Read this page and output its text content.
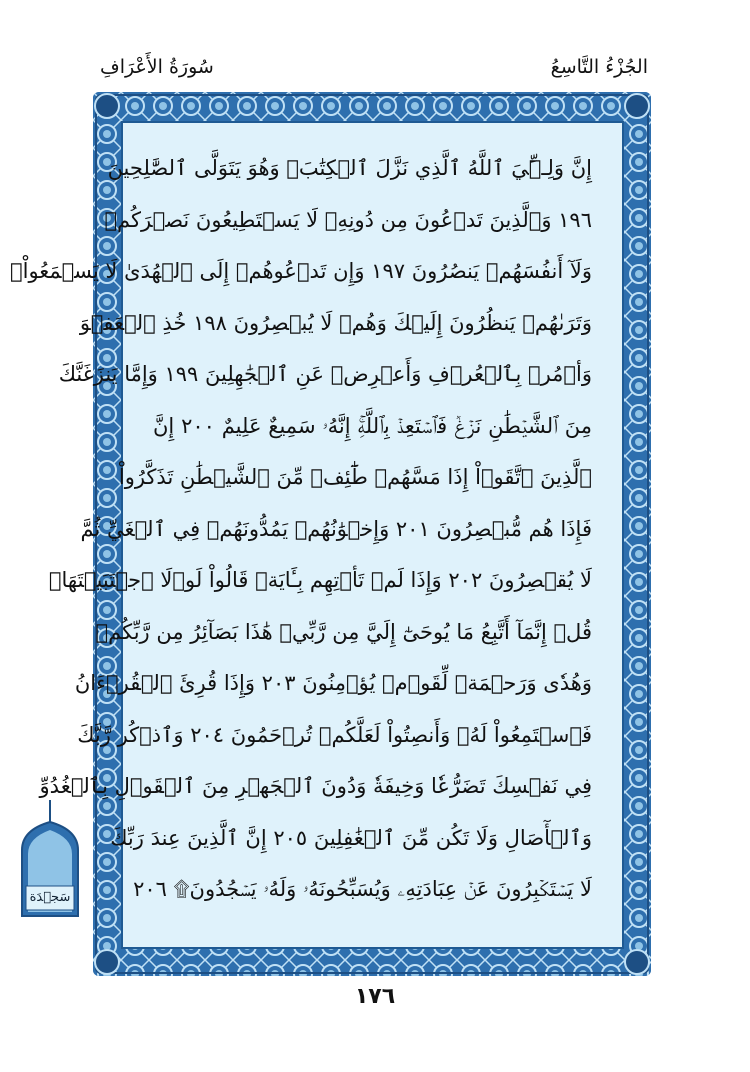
الجُزْءُ التَّاسِعُ
سُورَةُ الأَعْرَافِ
إِنَّ وَلِـِّۧيَ ٱللَّهُ ٱلَّذِي نَزَّلَ ٱلۡكِتَٰبَۖ وَهُوَ يَتَوَلَّى ٱلصَّٰلِحِينَ
١٩٦ وَٱلَّذِينَ تَدۡعُونَ مِن دُونِهِۦ لَا يَسۡتَطِيعُونَ نَصۡرَكُمۡ
وَلَآ أَنفُسَهُمۡ يَنصُرُونَ ١٩٧ وَإِن تَدۡعُوهُمۡ إِلَى ٱلۡهُدَىٰ لَا يَسۡمَعُواْۖ
وَتَرَىٰهُمۡ يَنظُرُونَ إِلَيۡكَ وَهُمۡ لَا يُبۡصِرُونَ ١٩٨ خُذِ ٱلۡعَفۡوَ
وَأۡمُرۡ بِٱلۡعُرۡفِ وَأَعۡرِضۡ عَنِ ٱلۡجَٰهِلِينَ ١٩٩ وَإِمَّا يَنزَغَنَّكَ
مِنَ ٱلشَّيۡطَٰنِ نَزۡغٞ فَٱسۡتَعِذۡ بِٱللَّهِۚ إِنَّهُۥ سَمِيعٌ عَلِيمٌ ٢٠٠ إِنَّ
ٱلَّذِينَ ٱتَّقَوۡاْ إِذَا مَسَّهُمۡ طَٰٓئِفٞ مِّنَ ٱلشَّيۡطَٰنِ تَذَكَّرُواْ
فَإِذَا هُم مُّبۡصِرُونَ ٢٠١ وَإِخۡوَٰنُهُمۡ يَمُدُّونَهُمۡ فِي ٱلۡغَيِّ ثُمَّ
لَا يُقۡصِرُونَ ٢٠٢ وَإِذَا لَمۡ تَأۡتِهِم بِـَٔايَةٖ قَالُواْ لَوۡلَا ٱجۡتَبَيۡتَهَاۚ
قُلۡ إِنَّمَآ أَتَّبِعُ مَا يُوحَىٰٓ إِلَيَّ مِن رَّبِّيۚ هَٰذَا بَصَآئِرُ مِن رَّبِّكُمۡ
وَهُدٗى وَرَحۡمَةٞ لِّقَوۡمٖ يُؤۡمِنُونَ ٢٠٣ وَإِذَا قُرِئَ ٱلۡقُرۡءَانُ
فَٱسۡتَمِعُواْ لَهُۥ وَأَنصِتُواْ لَعَلَّكُمۡ تُرۡحَمُونَ ٢٠٤ وَٱذۡكُر رَّبَّكَ
فِي نَفۡسِكَ تَضَرُّعٗا وَخِيفَةٗ وَدُونَ ٱلۡجَهۡرِ مِنَ ٱلۡقَوۡلِ بِٱلۡغُدُوِّ
وَٱلۡأٓصَالِ وَلَا تَكُن مِّنَ ٱلۡغَٰفِلِينَ ٢٠٥ إِنَّ ٱلَّذِينَ عِندَ رَبِّكَ
لَا يَسۡتَكۡبِرُونَ عَنۡ عِبَادَتِهِۦ وَيُسَبِّحُونَهُۥ وَلَهُۥ يَسۡجُدُونَ۩ ٢٠٦
سَجۡدَة
١٧٦
